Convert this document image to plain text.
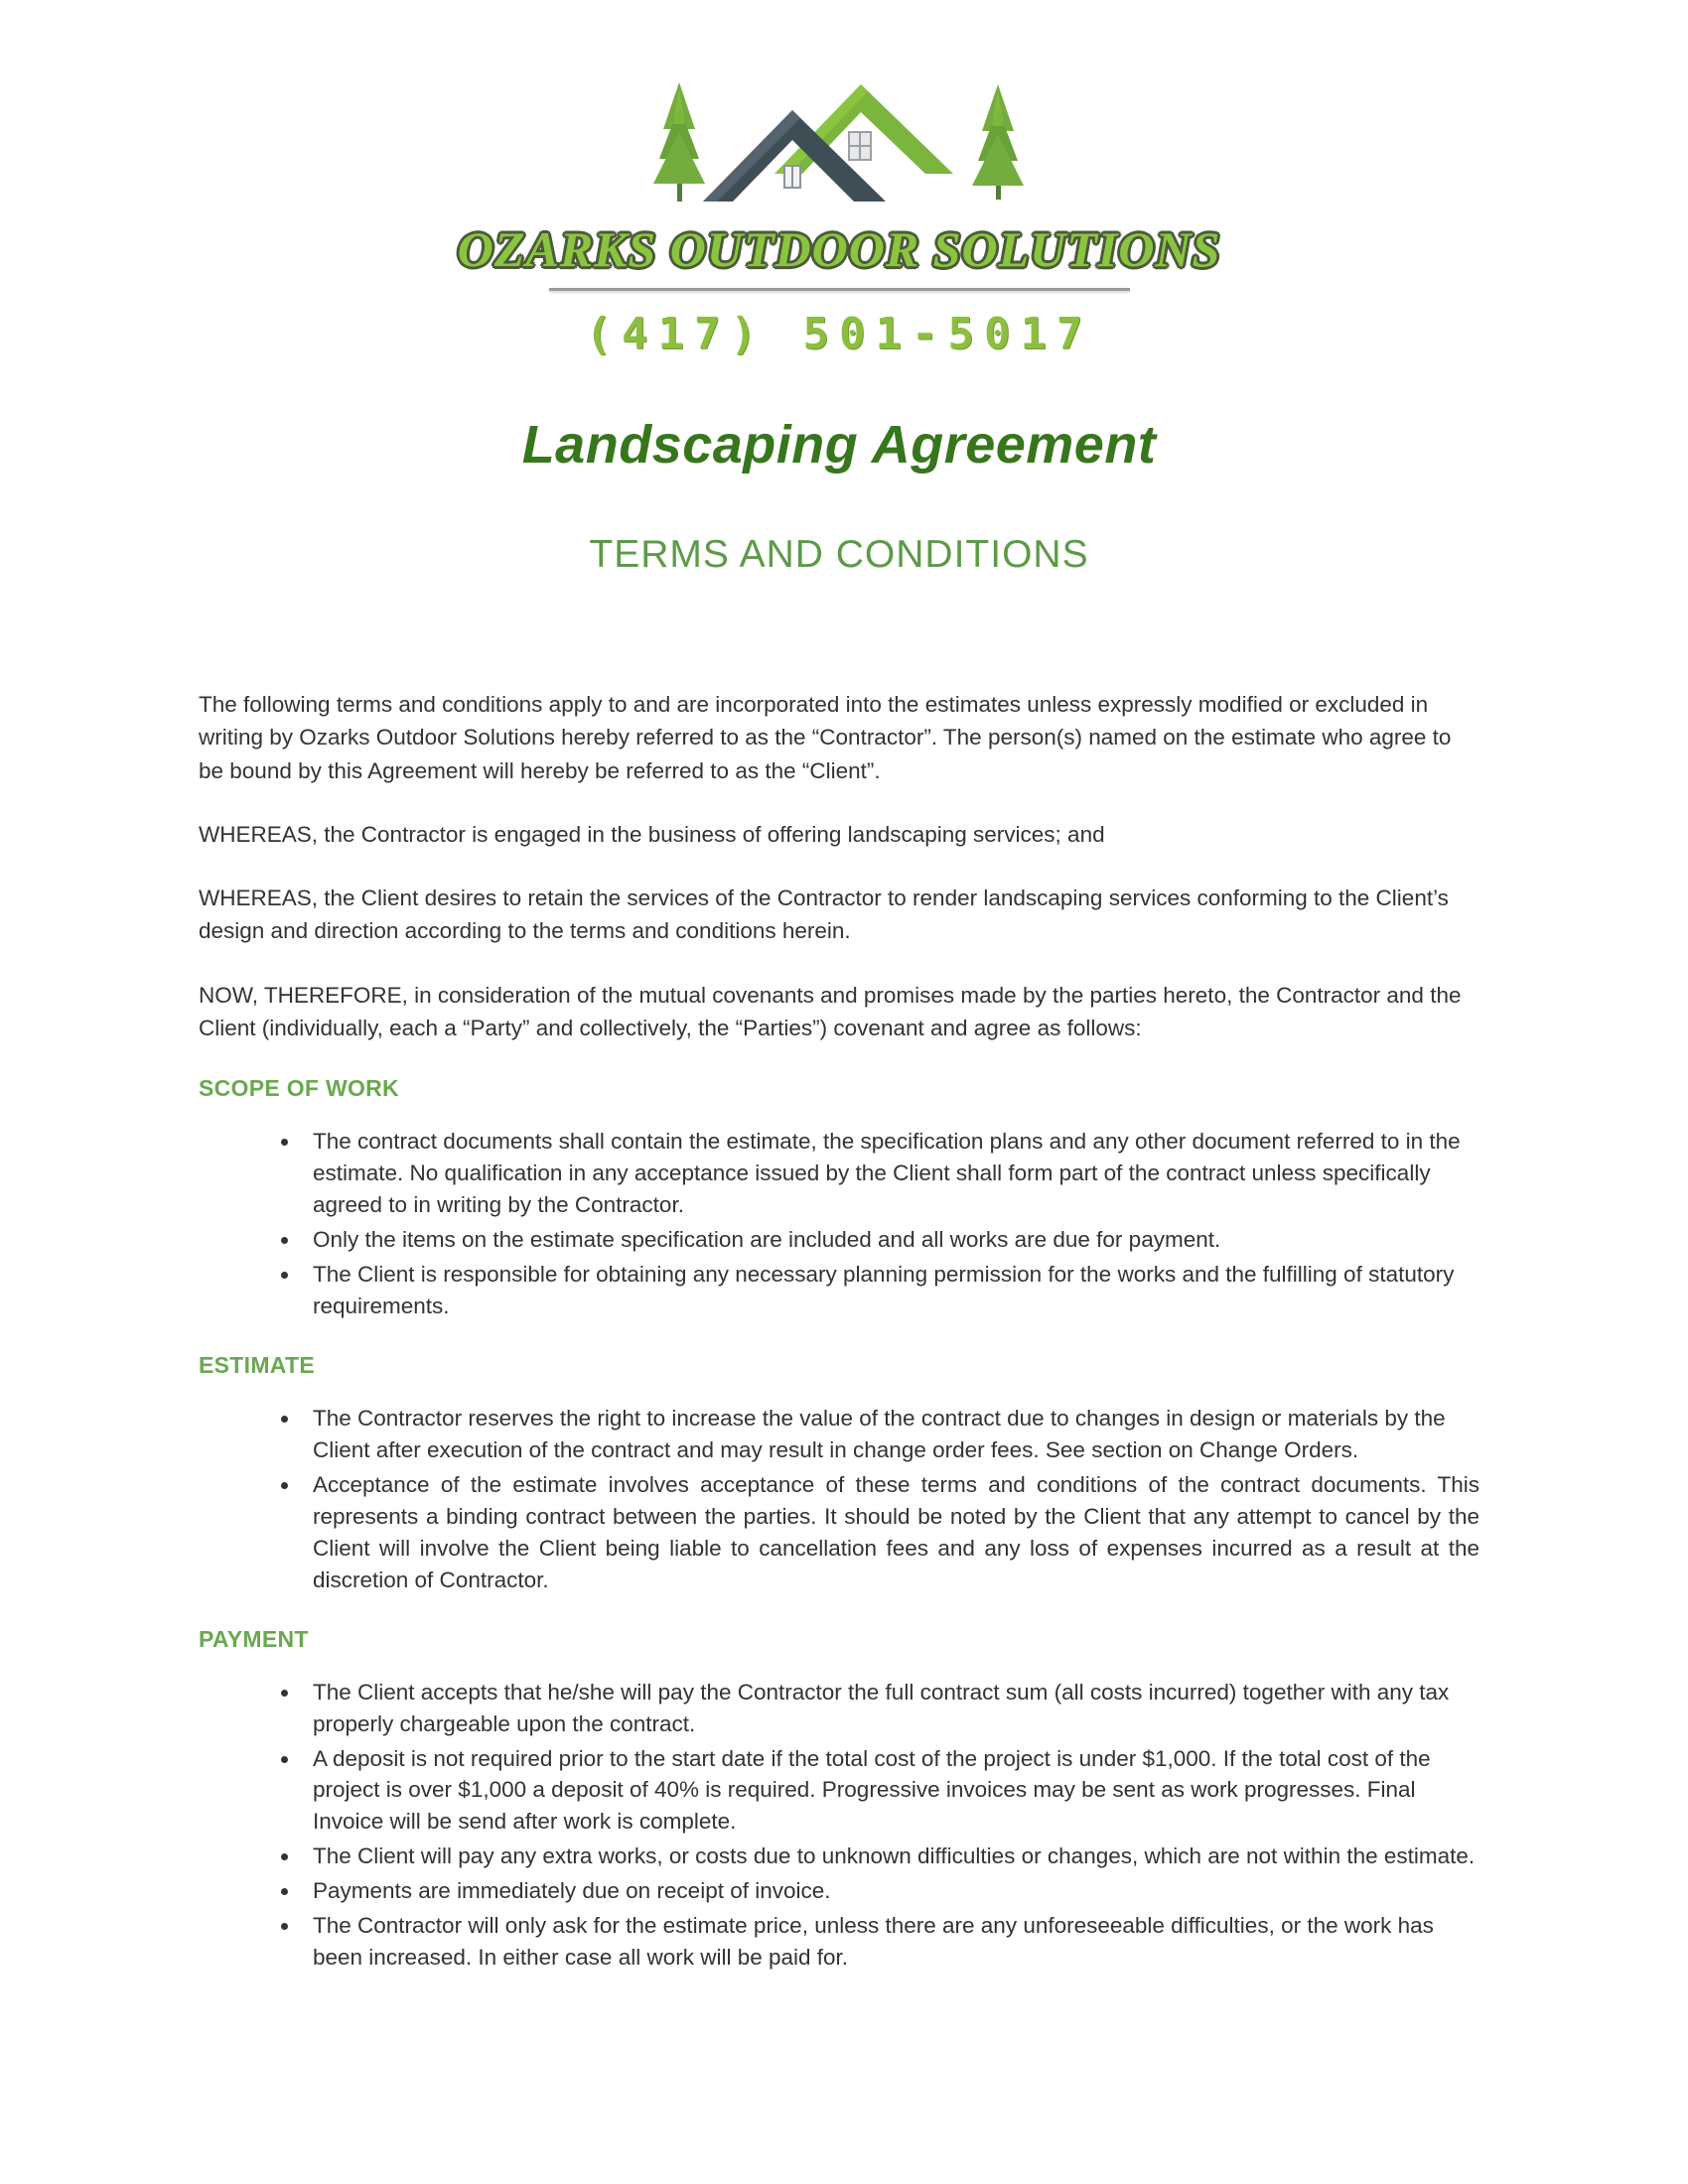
OZARKS OUTDOOR SOLUTIONS
(417) 501-5017
Landscaping Agreement
TERMS AND CONDITIONS

The following terms and conditions apply to and are incorporated into the estimates unless expressly modified or excluded in writing by Ozarks Outdoor Solutions hereby referred to as the “Contractor”. The person(s) named on the estimate who agree to be bound by this Agreement will hereby be referred to as the “Client”.

WHEREAS, the Contractor is engaged in the business of offering landscaping services; and

WHEREAS, the Client desires to retain the services of the Contractor to render landscaping services conforming to the Client’s design and direction according to the terms and conditions herein.

NOW, THEREFORE, in consideration of the mutual covenants and promises made by the parties hereto, the Contractor and the Client (individually, each a “Party” and collectively, the “Parties”) covenant and agree as follows:

SCOPE OF WORK
• The contract documents shall contain the estimate, the specification plans and any other document referred to in the estimate. No qualification in any acceptance issued by the Client shall form part of the contract unless specifically agreed to in writing by the Contractor.
• Only the items on the estimate specification are included and all works are due for payment.
• The Client is responsible for obtaining any necessary planning permission for the works and the fulfilling of statutory requirements.
ESTIMATE
• The Contractor reserves the right to increase the value of the contract due to changes in design or materials by the Client after execution of the contract and may result in change order fees. See section on Change Orders.
• Acceptance of the estimate involves acceptance of these terms and conditions of the contract documents. This represents a binding contract between the parties. It should be noted by the Client that any attempt to cancel by the Client will involve the Client being liable to cancellation fees and any loss of expenses incurred as a result at the discretion of Contractor.
PAYMENT
• The Client accepts that he/she will pay the Contractor the full contract sum (all costs incurred) together with any tax properly chargeable upon the contract.
• A deposit is not required prior to the start date if the total cost of the project is under $1,000. If the total cost of the project is over $1,000 a deposit of 40% is required. Progressive invoices may be sent as work progresses. Final Invoice will be send after work is complete.
• The Client will pay any extra works, or costs due to unknown difficulties or changes, which are not within the estimate.
• Payments are immediately due on receipt of invoice.
• The Contractor will only ask for the estimate price, unless there are any unforeseeable difficulties, or the work has been increased. In either case all work will be paid for.
